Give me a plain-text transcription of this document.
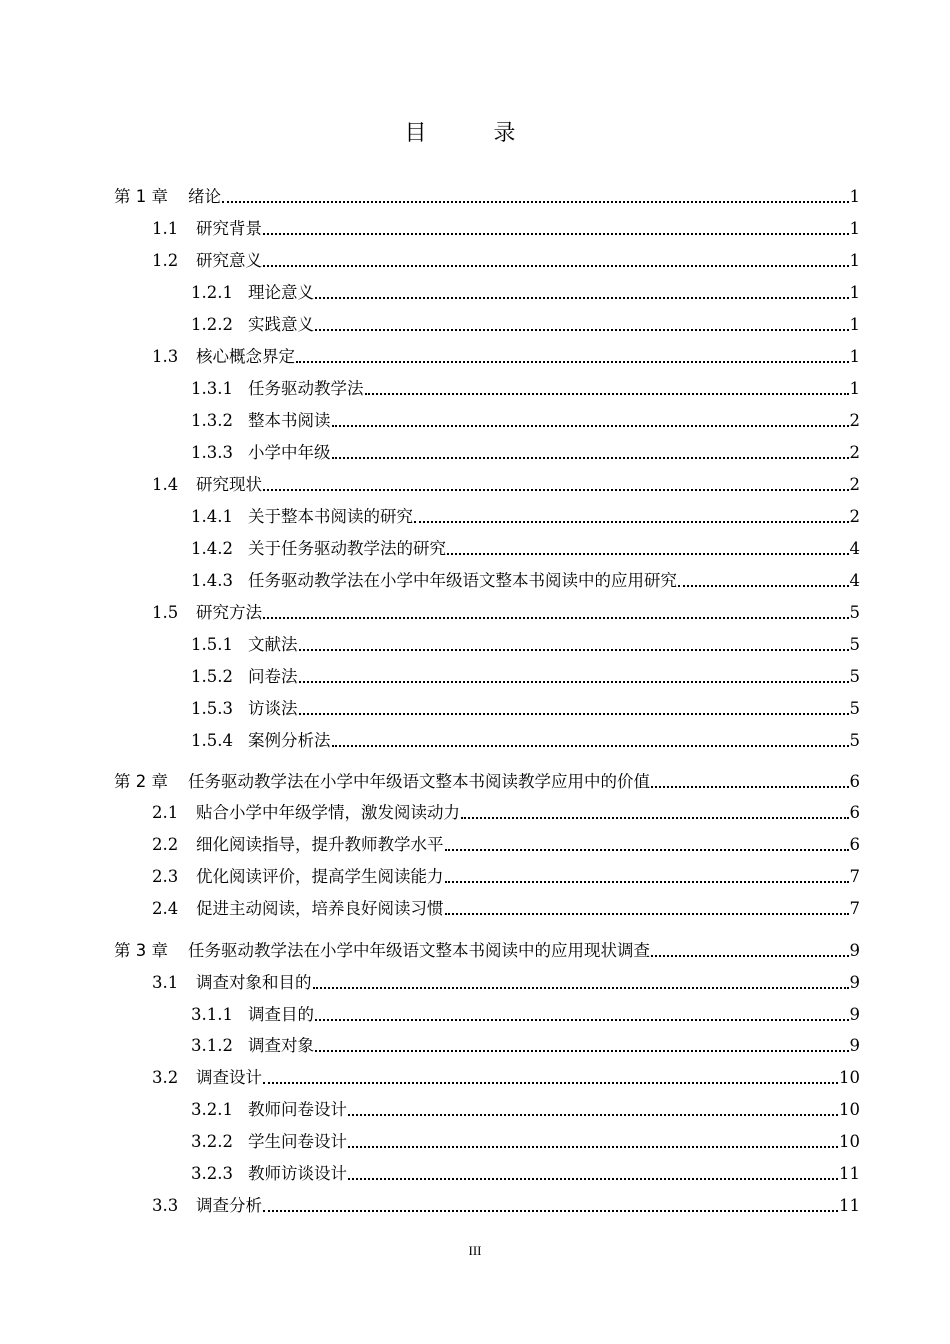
目 录
第 1 章	绪论	1
1.1	研究背景	1
1.2	研究意义	1
1.2.1 理论意义	1
1.2.2 实践意义	1
1.3	核心概念界定	1
1.3.1 任务驱动教学法	1
1.3.2 整本书阅读	2
1.3.3 小学中年级	2
1.4	研究现状	2
1.4.1 关于整本书阅读的研究	2
1.4.2 关于任务驱动教学法的研究	4
1.4.3 任务驱动教学法在小学中年级语文整本书阅读中的应用研究	4
1.5	研究方法	5
1.5.1 文献法	5
1.5.2 问卷法	5
1.5.3 访谈法	5
1.5.4 案例分析法	5
第 2 章	任务驱动教学法在小学中年级语文整本书阅读教学应用中的价值	6
2.1	贴合小学中年级学情，激发阅读动力	6
2.2	细化阅读指导，提升教师教学水平	6
2.3	优化阅读评价，提高学生阅读能力	7
2.4	促进主动阅读，培养良好阅读习惯	7
第 3 章	任务驱动教学法在小学中年级语文整本书阅读中的应用现状调查	9
3.1	调查对象和目的	9
3.1.1 调查目的	9
3.1.2 调查对象	9
3.2	调查设计	10
3.2.1 教师问卷设计	10
3.2.2 学生问卷设计	10
3.2.3 教师访谈设计	11
3.3	调查分析	11
III
